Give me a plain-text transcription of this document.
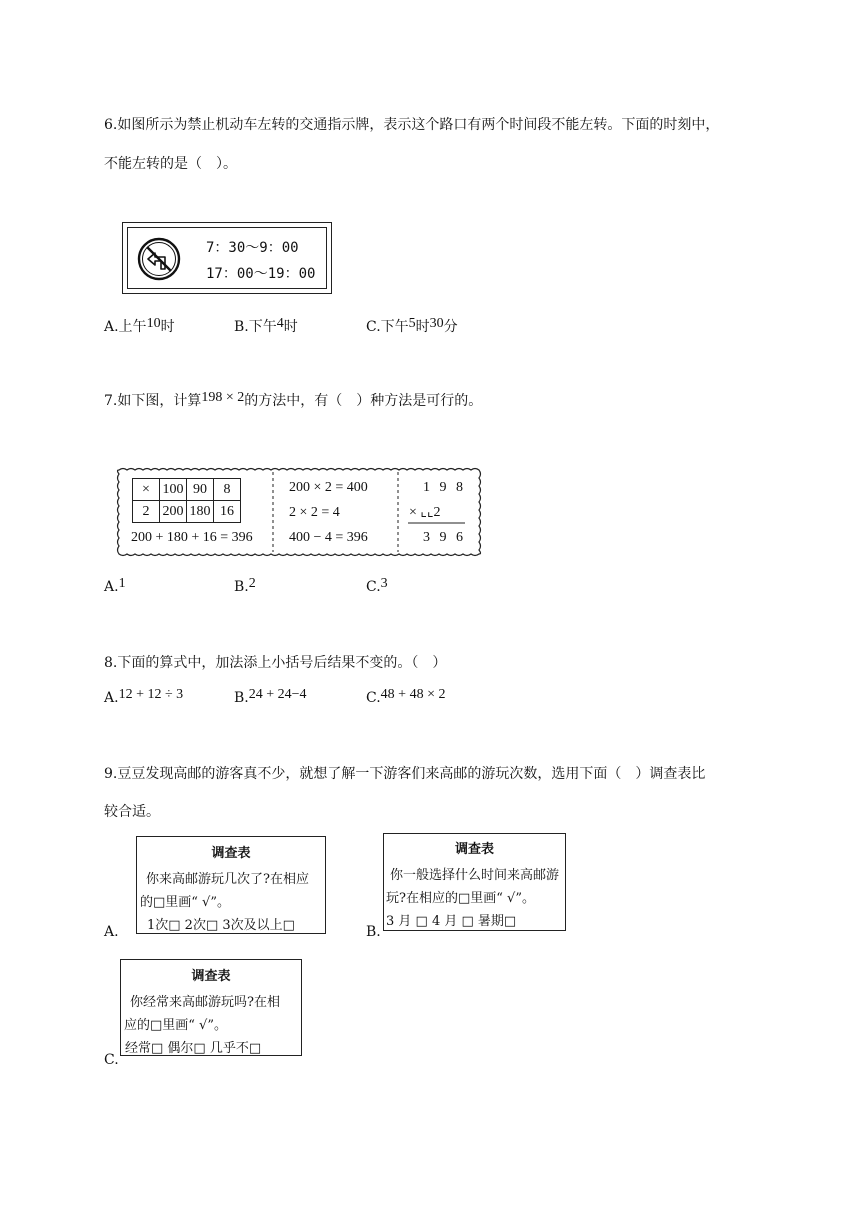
6.如图所示为禁止机动车左转的交通指示牌，表示这个路口有两个时间段不能左转。下面的时刻中，
不能左转的是（　）。
7：30～9：00
17：00～19：00
A.上午10时	B.下午4时	C.下午5时30分
7.如下图，计算198 × 2的方法中，有（　）种方法是可行的。
×	100	90	8
2	200	180	16
200 + 180 + 16 = 396
200 × 2 = 400
2 × 2 = 4
400 − 4 = 396
1 9 8
× ⌞⌞2
3 9 6
A.1	B.2	C.3
8.下面的算式中，加法添上小括号后结果不变的。（　）
A.12 + 12 ÷ 3	B.24 + 24−4	C.48 + 48 × 2
9.豆豆发现高邮的游客真不少，就想了解一下游客们来高邮的游玩次数，选用下面（　）调查表比
较合适。
A.
调查表
你来高邮游玩几次了?在相应
的□里画“ √”。
1次□ 2次□ 3次及以上□	B.
调查表
你一般选择什么时间来高邮游
玩?在相应的□里画“ √”。
3 月 □ 4 月 □ 暑期□
C.
调查表
你经常来高邮游玩吗?在相
应的□里画“ √”。
经常□ 偶尔□ 几乎不□
